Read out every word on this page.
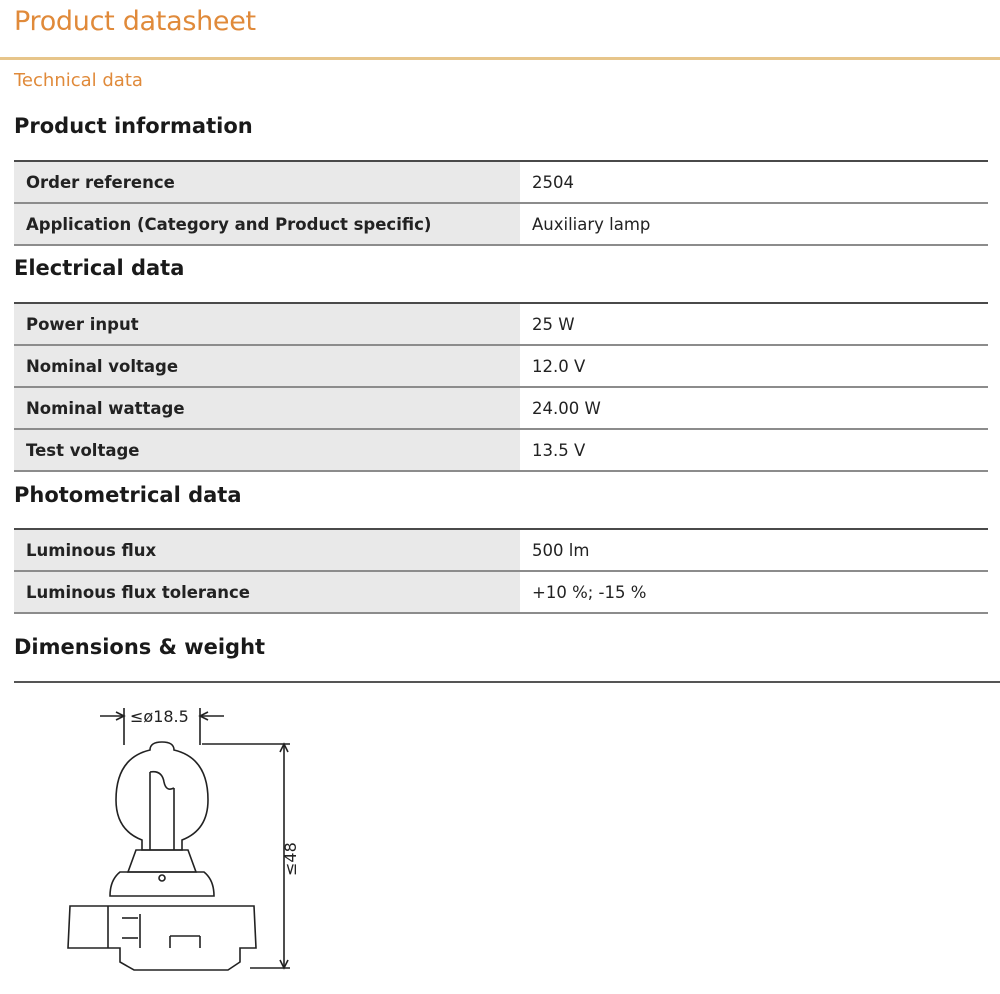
Product datasheet
Technical data
Product information
Order reference	2504
Application (Category and Product specific)	Auxiliary lamp
Electrical data
Power input	25 W
Nominal voltage	12.0 V
Nominal wattage	24.00 W
Test voltage	13.5 V
Photometrical data
Luminous flux	500 lm
Luminous flux tolerance	+10 %; -15 %
Dimensions & weight
≤ø18.5
≤48
